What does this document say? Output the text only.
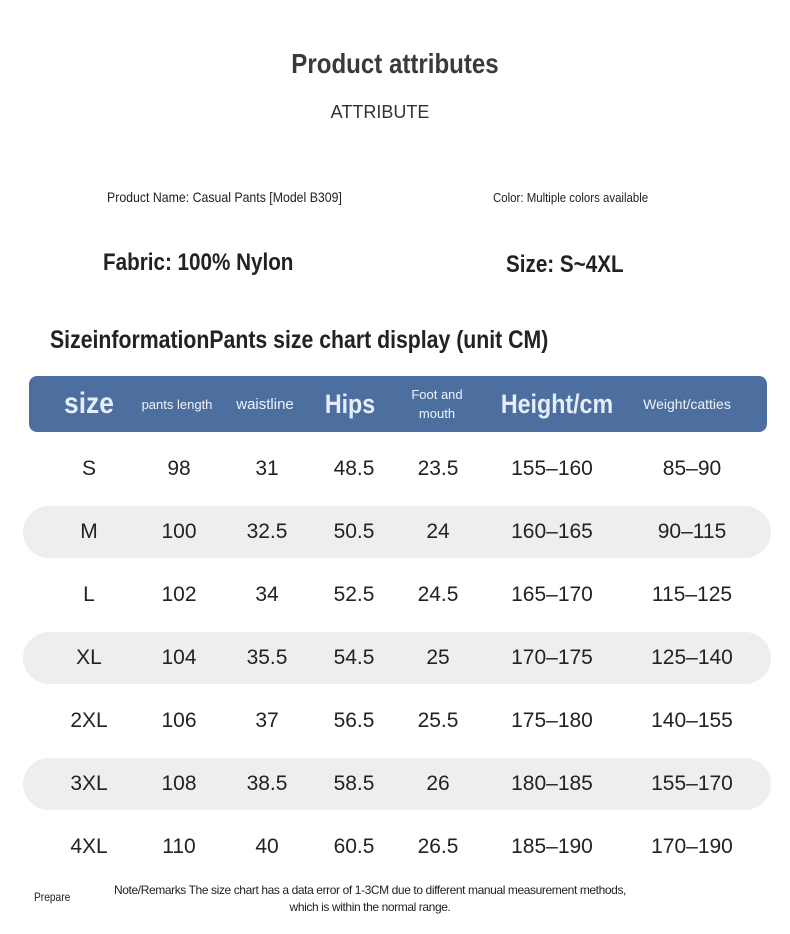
Product attributes
ATTRIBUTE
Product Name: Casual Pants [Model B309]	Color: Multiple colors available
Fabric: 100% Nylon	Size: S~4XL
SizeinformationPants size chart display (unit CM)
size	pants length	waistline	Hips	Foot and mouth	Height/cm	Weight/catties
S	98	31	48.5	23.5	155–160	85–90
M	100	32.5	50.5	24	160–165	90–115
L	102	34	52.5	24.5	165–170	115–125
XL	104	35.5	54.5	25	170–175	125–140
2XL	106	37	56.5	25.5	175–180	140–155
3XL	108	38.5	58.5	26	180–185	155–170
4XL	110	40	60.5	26.5	185–190	170–190
Prepare	Note/Remarks The size chart has a data error of 1-3CM due to different manual measurement methods, which is within the normal range.
